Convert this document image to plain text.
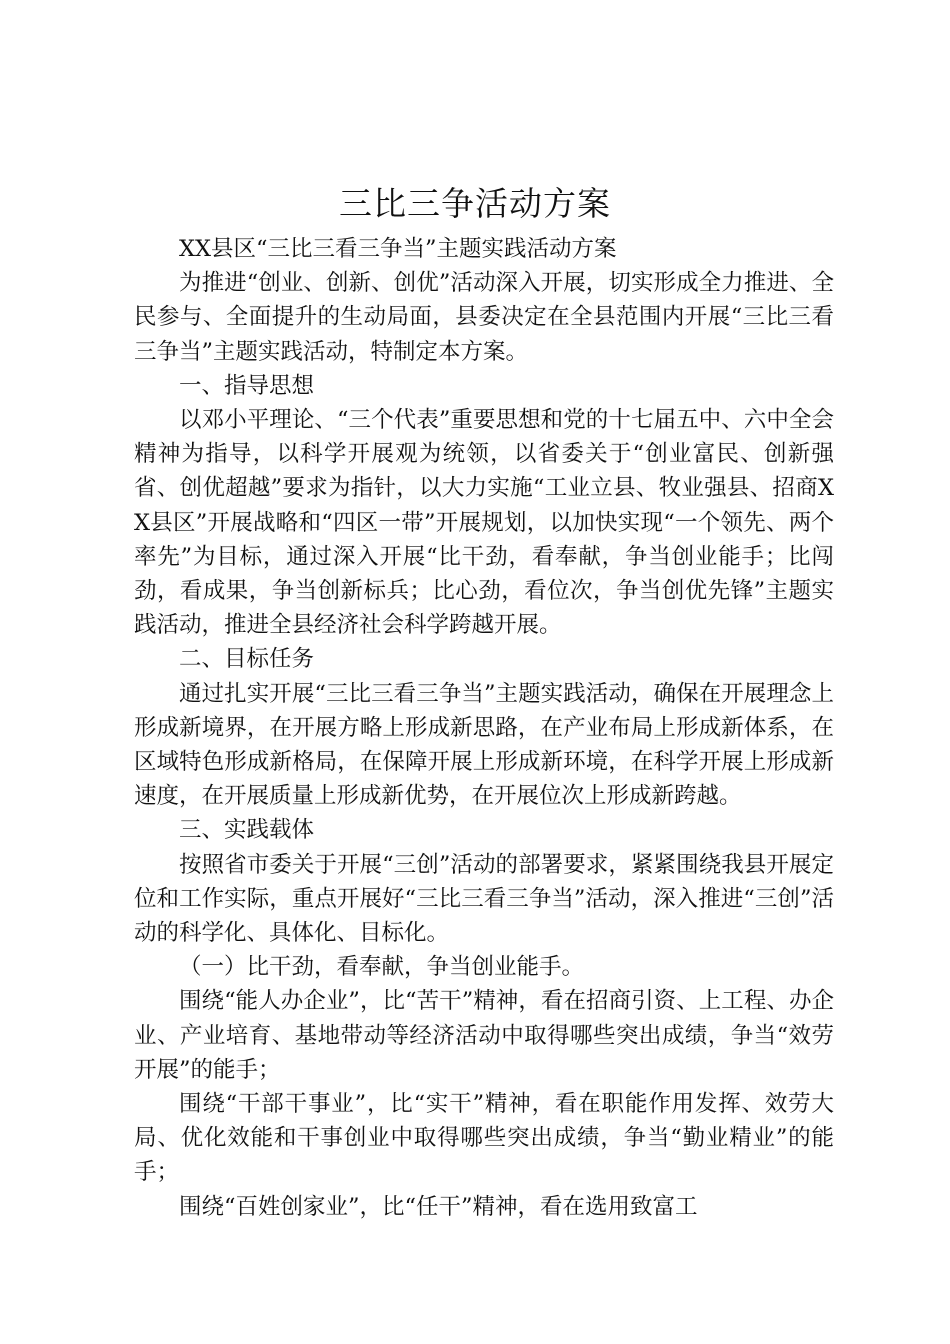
三比三争活动方案

XX县区“三比三看三争当”主题实践活动方案

为推进“创业、创新、创优”活动深入开展，切实形成全力推进、全民参与、全面提升的生动局面，县委决定在全县范围内开展“三比三看三争当”主题实践活动，特制定本方案。

一、指导思想

以邓小平理论、“三个代表”重要思想和党的十七届五中、六中全会精神为指导，以科学开展观为统领，以省委关于“创业富民、创新强省、创优超越”要求为指针，以大力实施“工业立县、牧业强县、招商XX县区”开展战略和“四区一带”开展规划，以加快实现“一个领先、两个率先”为目标，通过深入开展“比干劲，看奉献，争当创业能手；比闯劲，看成果，争当创新标兵；比心劲，看位次，争当创优先锋”主题实践活动，推进全县经济社会科学跨越开展。

二、目标任务

通过扎实开展“三比三看三争当”主题实践活动，确保在开展理念上形成新境界，在开展方略上形成新思路，在产业布局上形成新体系，在区域特色形成新格局，在保障开展上形成新环境，在科学开展上形成新速度，在开展质量上形成新优势，在开展位次上形成新跨越。

三、实践载体

按照省市委关于开展“三创”活动的部署要求，紧紧围绕我县开展定位和工作实际，重点开展好“三比三看三争当”活动，深入推进“三创”活动的科学化、具体化、目标化。

（一）比干劲，看奉献，争当创业能手。

围绕“能人办企业”，比“苦干”精神，看在招商引资、上工程、办企业、产业培育、基地带动等经济活动中取得哪些突出成绩，争当“效劳开展”的能手；

围绕“干部干事业”，比“实干”精神，看在职能作用发挥、效劳大局、优化效能和干事创业中取得哪些突出成绩，争当“勤业精业”的能手；

围绕“百姓创家业”，比“任干”精神，看在选用致富工
